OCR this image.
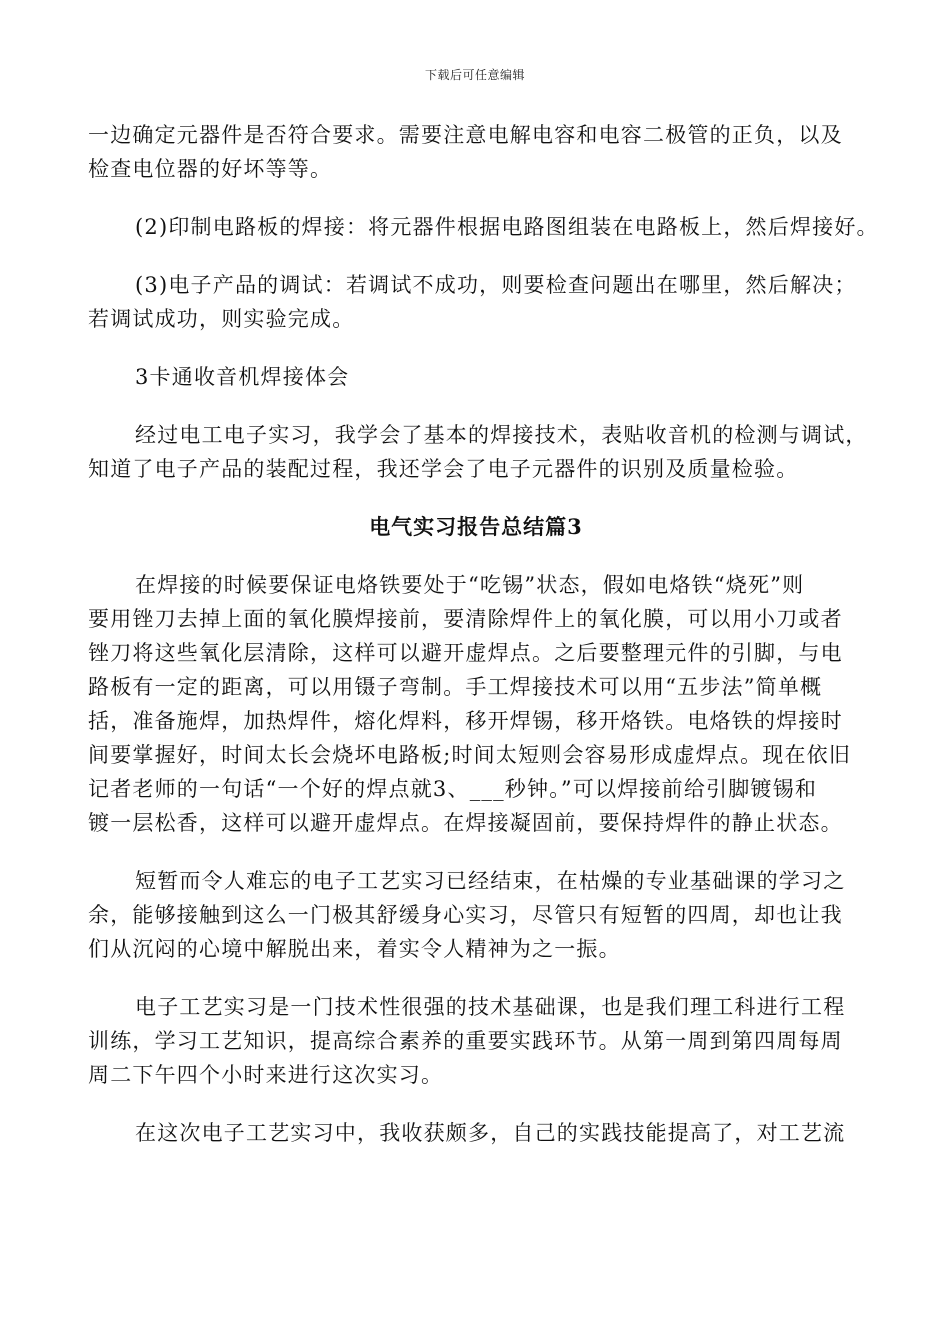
下载后可任意编辑
一边确定元器件是否符合要求。需要注意电解电容和电容二极管的正负，以及
检查电位器的好坏等等。
(2)印制电路板的焊接：将元器件根据电路图组装在电路板上，然后焊接好。
(3)电子产品的调试：若调试不成功，则要检查问题出在哪里，然后解决；
若调试成功，则实验完成。
3卡通收音机焊接体会
经过电工电子实习，我学会了基本的焊接技术，表贴收音机的检测与调试，
知道了电子产品的装配过程，我还学会了电子元器件的识别及质量检验。
电气实习报告总结篇3
在焊接的时候要保证电烙铁要处于“吃锡”状态，假如电烙铁“烧死”则
要用锉刀去掉上面的氧化膜焊接前，要清除焊件上的氧化膜，可以用小刀或者
锉刀将这些氧化层清除，这样可以避开虚焊点。之后要整理元件的引脚，与电
路板有一定的距离，可以用镊子弯制。手工焊接技术可以用“五步法”简单概
括，准备施焊，加热焊件，熔化焊料，移开焊锡，移开烙铁。电烙铁的焊接时
间要掌握好，时间太长会烧坏电路板;时间太短则会容易形成虚焊点。现在依旧
记者老师的一句话“一个好的焊点就3、___秒钟。”可以焊接前给引脚镀锡和
镀一层松香，这样可以避开虚焊点。在焊接凝固前，要保持焊件的静止状态。
短暂而令人难忘的电子工艺实习已经结束，在枯燥的专业基础课的学习之
余，能够接触到这么一门极其舒缓身心实习，尽管只有短暂的四周，却也让我
们从沉闷的心境中解脱出来，着实令人精神为之一振。
电子工艺实习是一门技术性很强的技术基础课，也是我们理工科进行工程
训练，学习工艺知识，提高综合素养的重要实践环节。从第一周到第四周每周
周二下午四个小时来进行这次实习。
在这次电子工艺实习中，我收获颇多，自己的实践技能提高了，对工艺流
